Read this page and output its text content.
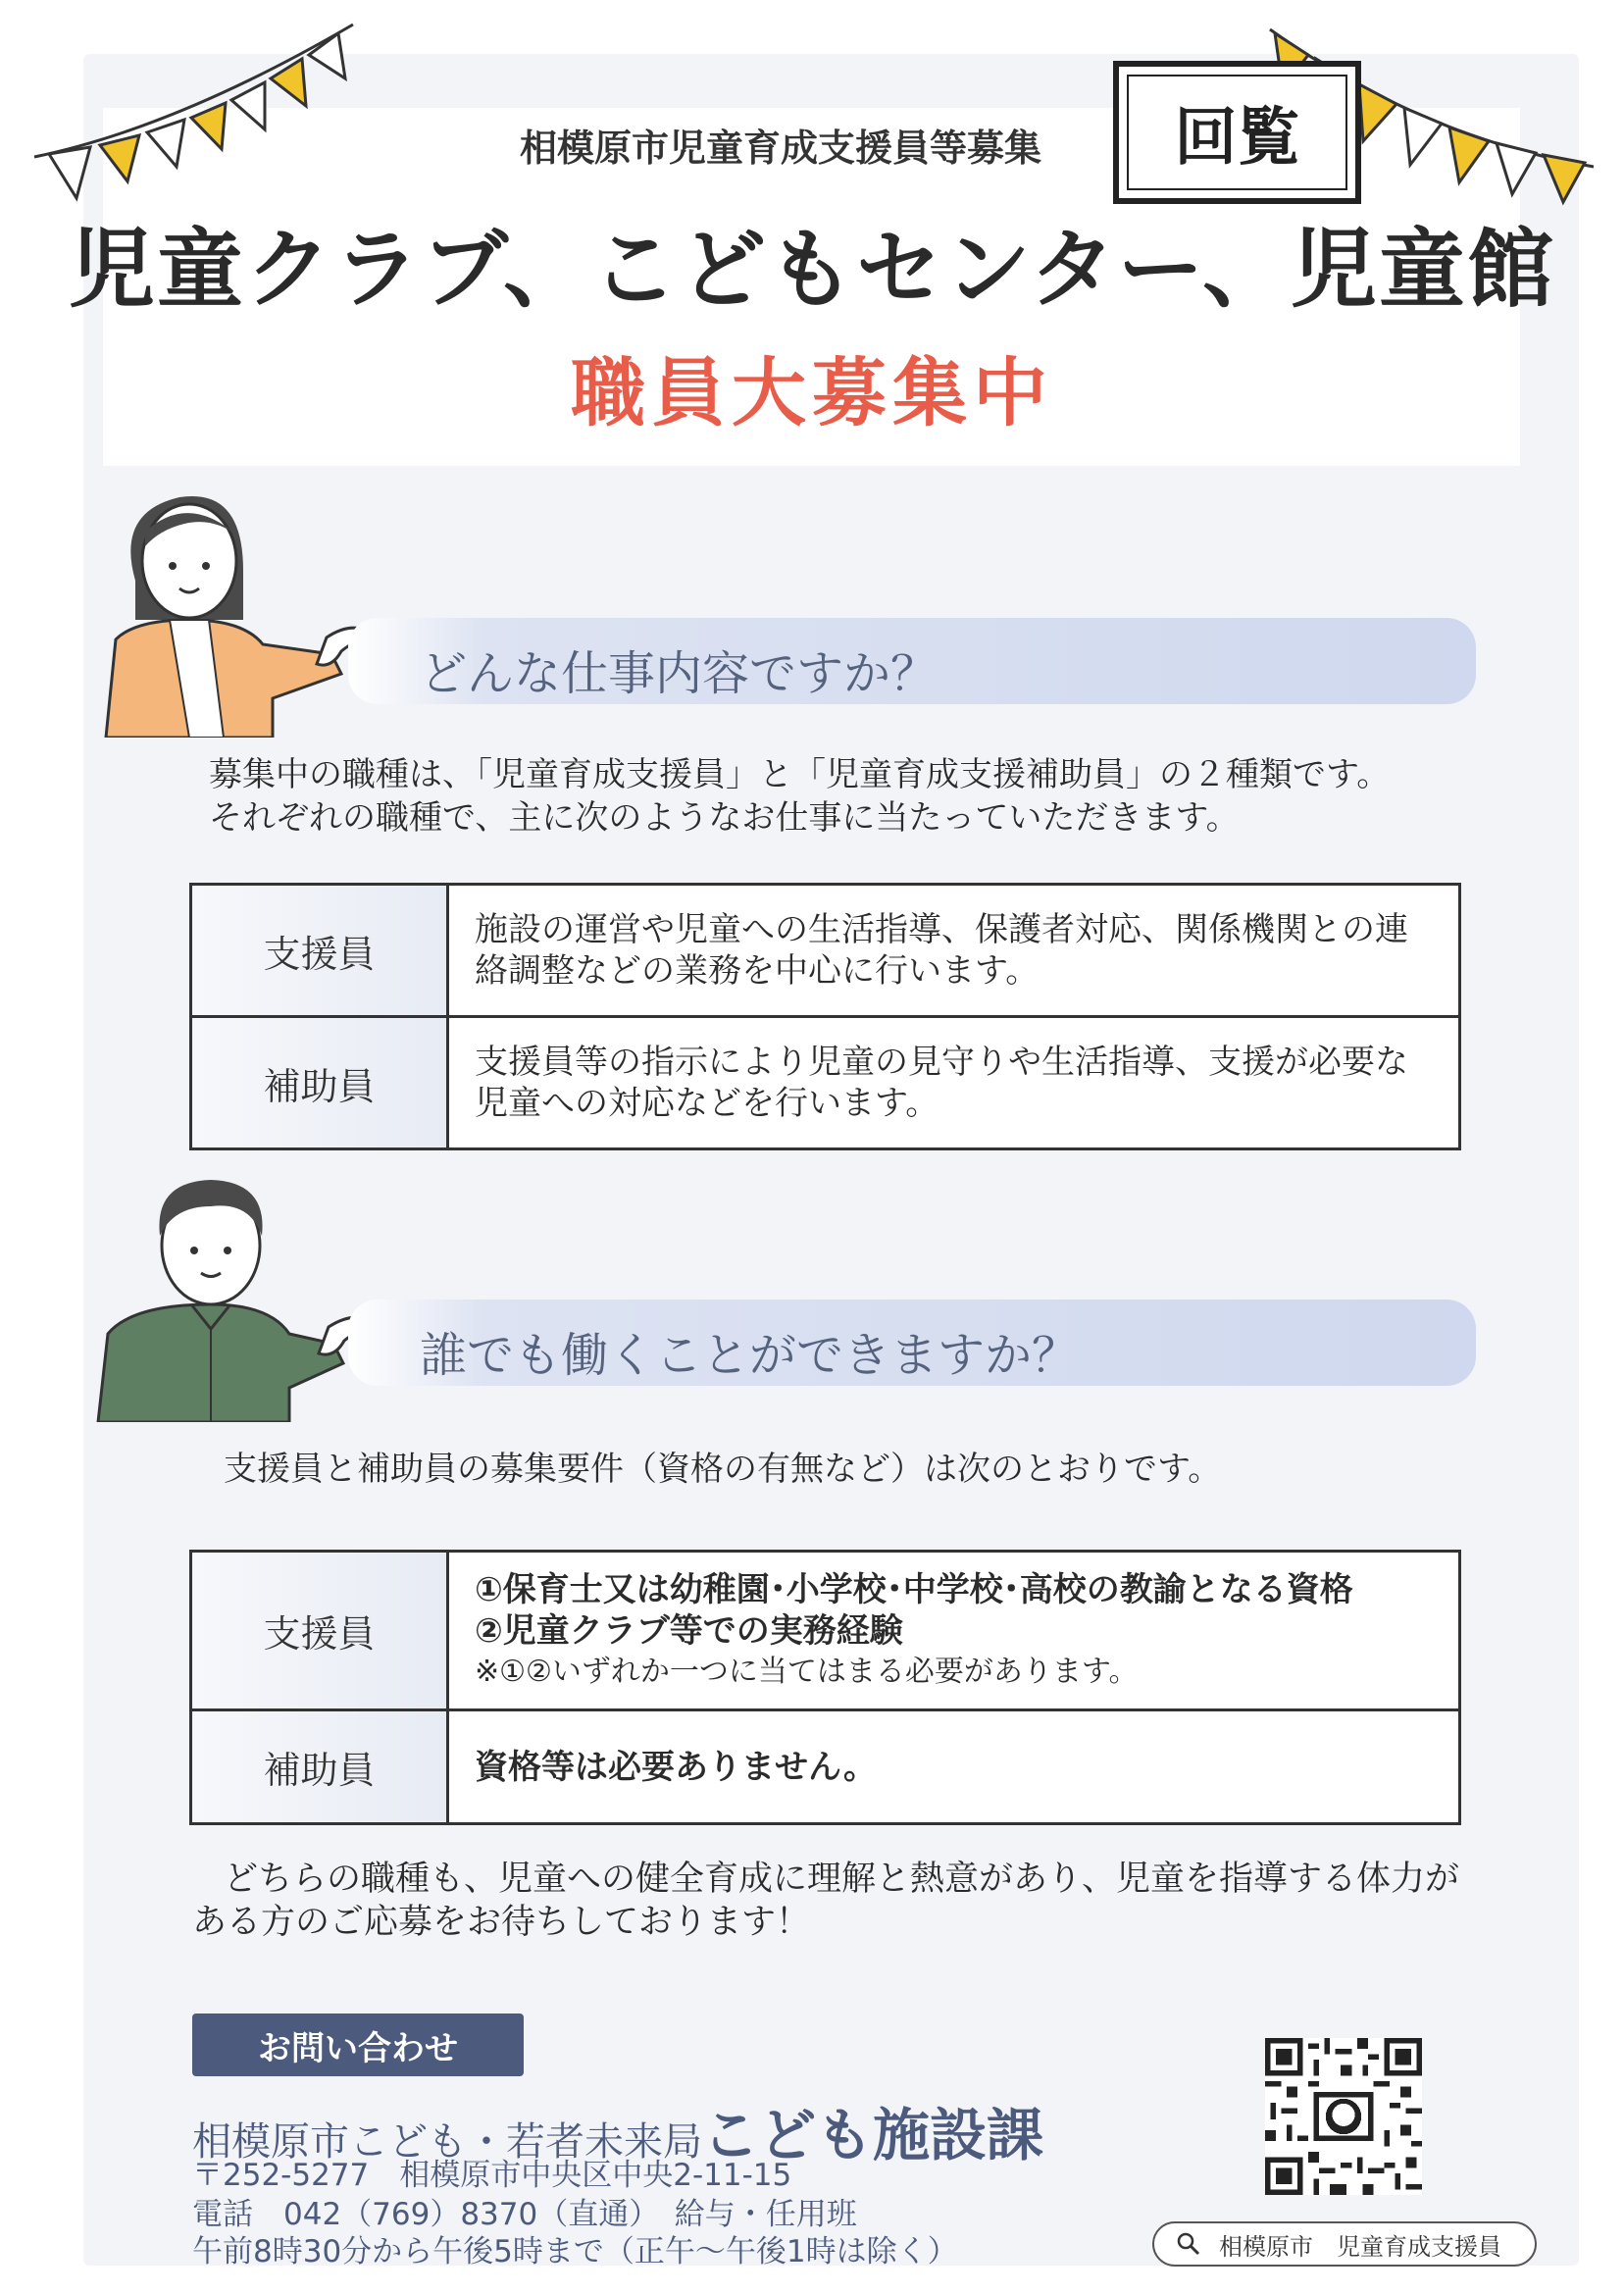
相模原市児童育成支援員等募集 回覧
児童クラブ、こどもセンター、児童館
職員大募集中
どんな仕事内容ですか？
募集中の職種は、「児童育成支援員」と「児童育成支援補助員」の２種類です。
それぞれの職種で、主に次のようなお仕事に当たっていただきます。
支援員	施設の運営や児童への生活指導、保護者対応、関係機関との連
絡調整などの業務を中心に行います。

補助員	支援員等の指示により児童の見守りや生活指導、支援が必要な
児童への対応などを行います。
誰でも働くことができますか？
支援員と補助員の募集要件（資格の有無など）は次のとおりです。
支援員	①保育士又は幼稚園･小学校･中学校･高校の教諭となる資格
②児童クラブ等での実務経験
※①②いずれか一つに当てはまる必要があります。

補助員	資格等は必要ありません。
どちらの職種も、児童への健全育成に理解と熱意があり、児童を指導する体力が
ある方のご応募をお待ちしております！
お問い合わせ
相模原市こども・若者未来局こども施設課
〒252-5277　相模原市中央区中央2-11-15
電話　042（769）8370（直通）　給与・任用班
午前8時30分から午後5時まで（正午～午後1時は除く）	相模原市　児童育成支援員
